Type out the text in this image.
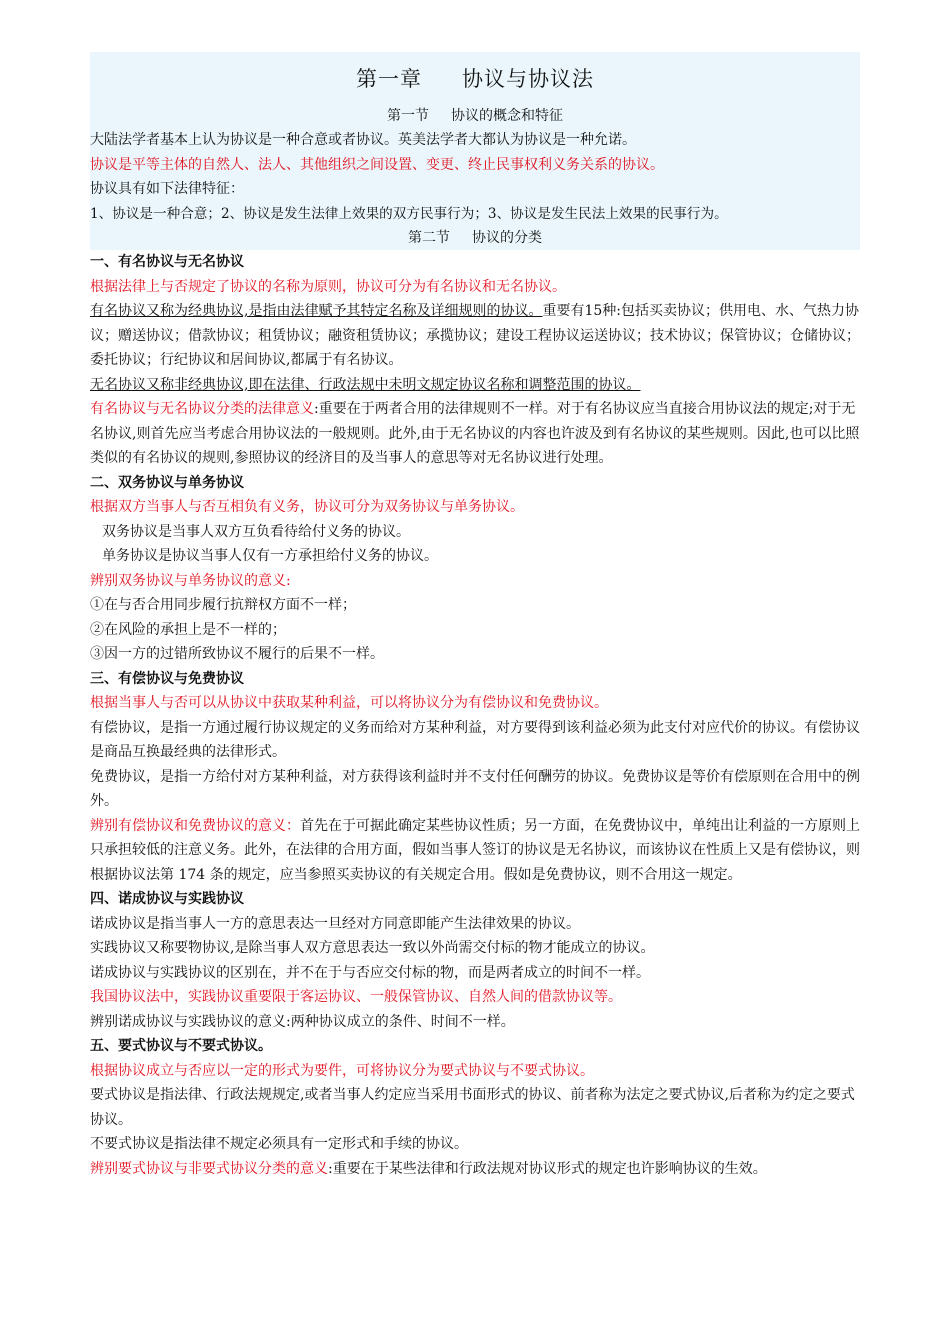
第一章 协议与协议法
第一节 协议的概念和特征

大陆法学者基本上认为协议是一种合意或者协议。英美法学者大都认为协议是一种允诺。

协议是平等主体的自然人、法人、其他组织之间设置、变更、终止民事权利义务关系的协议。

协议具有如下法律特征：

1、协议是一种合意；2、协议是发生法律上效果的双方民事行为；3、协议是发生民法上效果的民事行为。

第二节 协议的分类

一、有名协议与无名协议

根据法律上与否规定了协议的名称为原则，协议可分为有名协议和无名协议。

有名协议又称为经典协议,是指由法律赋予其特定名称及详细规则的协议。重要有15种:包括买卖协议；供用电、水、气热力协议；赠送协议；借款协议；租赁协议；融资租赁协议；承揽协议；建设工程协议运送协议；技术协议；保管协议；仓储协议；委托协议；行纪协议和居间协议,都属于有名协议。

无名协议又称非经典协议,即在法律、行政法规中未明文规定协议名称和调整范围的协议。

有名协议与无名协议分类的法律意义:重要在于两者合用的法律规则不一样。对于有名协议应当直接合用协议法的规定;对于无名协议,则首先应当考虑合用协议法的一般规则。此外,由于无名协议的内容也许波及到有名协议的某些规则。因此,也可以比照类似的有名协议的规则,参照协议的经济目的及当事人的意思等对无名协议进行处理。

二、双务协议与单务协议

根据双方当事人与否互相负有义务，协议可分为双务协议与单务协议。

双务协议是当事人双方互负看待给付义务的协议。

单务协议是协议当事人仅有一方承担给付义务的协议。

辨别双务协议与单务协议的意义:

①在与否合用同步履行抗辩权方面不一样；

②在风险的承担上是不一样的；

③因一方的过错所致协议不履行的后果不一样。

三、有偿协议与免费协议

根据当事人与否可以从协议中获取某种利益，可以将协议分为有偿协议和免费协议。

有偿协议，是指一方通过履行协议规定的义务而给对方某种利益，对方要得到该利益必须为此支付对应代价的协议。有偿协议是商品互换最经典的法律形式。

免费协议，是指一方给付对方某种利益，对方获得该利益时并不支付任何酬劳的协议。免费协议是等价有偿原则在合用中的例外。

辨别有偿协议和免费协议的意义：首先在于可据此确定某些协议性质；另一方面，在免费协议中，单纯出让利益的一方原则上只承担较低的注意义务。此外，在法律的合用方面，假如当事人签订的协议是无名协议，而该协议在性质上又是有偿协议，则根据协议法第 174 条的规定，应当参照买卖协议的有关规定合用。假如是免费协议，则不合用这一规定。

四、诺成协议与实践协议

诺成协议是指当事人一方的意思表达一旦经对方同意即能产生法律效果的协议。

实践协议又称要物协议,是除当事人双方意思表达一致以外尚需交付标的物才能成立的协议。

诺成协议与实践协议的区别在，并不在于与否应交付标的物，而是两者成立的时间不一样。

我国协议法中，实践协议重要限于客运协议、一般保管协议、自然人间的借款协议等。

辨别诺成协议与实践协议的意义:两种协议成立的条件、时间不一样。

五、要式协议与不要式协议。

根据协议成立与否应以一定的形式为要件，可将协议分为要式协议与不要式协议。

要式协议是指法律、行政法规规定,或者当事人约定应当采用书面形式的协议、前者称为法定之要式协议,后者称为约定之要式协议。

不要式协议是指法律不规定必须具有一定形式和手续的协议。

辨别要式协议与非要式协议分类的意义:重要在于某些法律和行政法规对协议形式的规定也许影响协议的生效。
